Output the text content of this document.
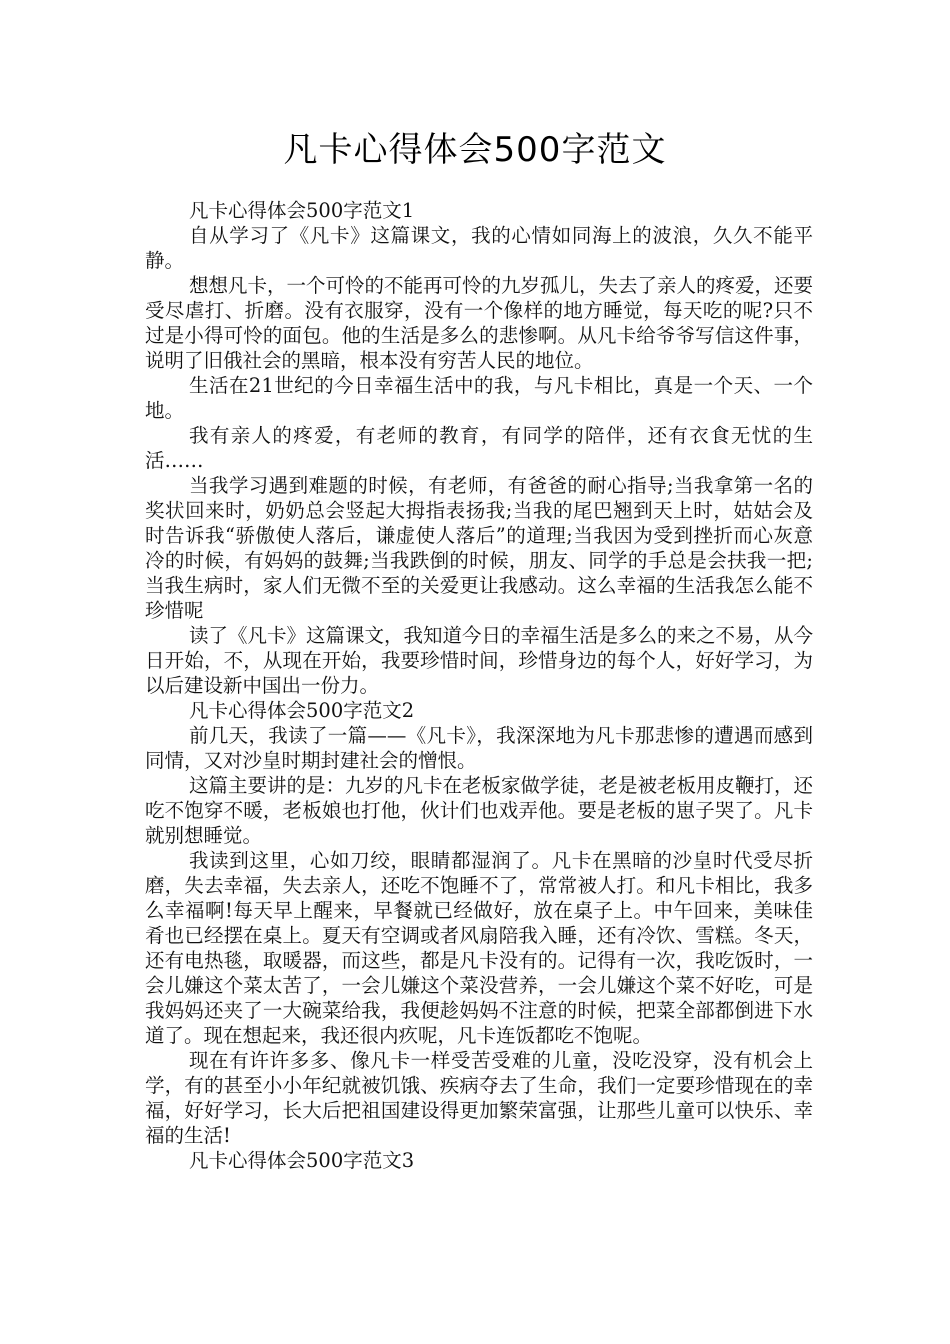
凡卡心得体会500字范文

凡卡心得体会500字范文1

自从学习了《凡卡》这篇课文，我的心情如同海上的波浪，久久不能平静。

想想凡卡，一个可怜的不能再可怜的九岁孤儿，失去了亲人的疼爱，还要受尽虐打、折磨。没有衣服穿，没有一个像样的地方睡觉，每天吃的呢?只不过是小得可怜的面包。他的生活是多么的悲惨啊。从凡卡给爷爷写信这件事，说明了旧俄社会的黑暗，根本没有穷苦人民的地位。

生活在21世纪的今日幸福生活中的我，与凡卡相比，真是一个天、一个地。

我有亲人的疼爱，有老师的教育，有同学的陪伴，还有衣食无忧的生活……

当我学习遇到难题的时候，有老师，有爸爸的耐心指导;当我拿第一名的奖状回来时，奶奶总会竖起大拇指表扬我;当我的尾巴翘到天上时，姑姑会及时告诉我“骄傲使人落后，谦虚使人落后”的道理;当我因为受到挫折而心灰意冷的时候，有妈妈的鼓舞;当我跌倒的时候，朋友、同学的手总是会扶我一把;当我生病时，家人们无微不至的关爱更让我感动。这么幸福的生活我怎么能不珍惜呢

读了《凡卡》这篇课文，我知道今日的幸福生活是多么的来之不易，从今日开始，不，从现在开始，我要珍惜时间，珍惜身边的每个人，好好学习，为以后建设新中国出一份力。

凡卡心得体会500字范文2

前几天，我读了一篇——《凡卡》，我深深地为凡卡那悲惨的遭遇而感到同情，又对沙皇时期封建社会的憎恨。

这篇主要讲的是：九岁的凡卡在老板家做学徒，老是被老板用皮鞭打，还吃不饱穿不暖，老板娘也打他，伙计们也戏弄他。要是老板的崽子哭了。凡卡就别想睡觉。

我读到这里，心如刀绞，眼睛都湿润了。凡卡在黑暗的沙皇时代受尽折磨，失去幸福，失去亲人，还吃不饱睡不了，常常被人打。和凡卡相比，我多么幸福啊!每天早上醒来，早餐就已经做好，放在桌子上。中午回来，美味佳肴也已经摆在桌上。夏天有空调或者风扇陪我入睡，还有冷饮、雪糕。冬天，还有电热毯，取暖器，而这些，都是凡卡没有的。记得有一次，我吃饭时，一会儿嫌这个菜太苦了，一会儿嫌这个菜没营养，一会儿嫌这个菜不好吃，可是我妈妈还夹了一大碗菜给我，我便趁妈妈不注意的时候，把菜全部都倒进下水道了。现在想起来，我还很内疚呢，凡卡连饭都吃不饱呢。

现在有许许多多、像凡卡一样受苦受难的儿童，没吃没穿，没有机会上学，有的甚至小小年纪就被饥饿、疾病夺去了生命，我们一定要珍惜现在的幸福，好好学习，长大后把祖国建设得更加繁荣富强，让那些儿童可以快乐、幸福的生活!

凡卡心得体会500字范文3
